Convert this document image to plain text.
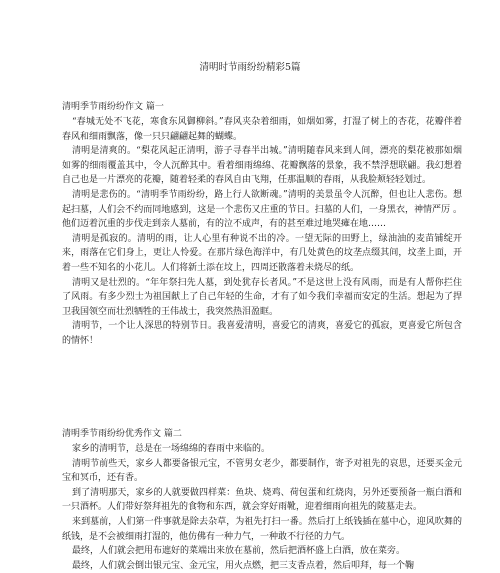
清明时节雨纷纷精彩5篇

清明季节雨纷纷作文 篇一

“春城无处不飞花，寒食东风御柳斜。”春风夹杂着细雨，如烟如雾，打湿了树上的杏花，花瓣伴着春风和细雨飘落，像一只只翩翩起舞的蝴蝶。

清明是清爽的。“梨花风起正清明，游子寻春半出城。”清明随春风来到人间，漂亮的梨花被那如烟如雾的细雨覆盖其中，令人沉醉其中。看着细雨绵绵、花瓣飘落的景象，我不禁浮想联翩。我幻想着自己也是一片漂亮的花瓣，随着轻柔的春风自由飞翔，任那温顺的春雨，从我脸颊轻轻划过。

清明是悲伤的。“清明季节雨纷纷，路上行人欲断魂。”清明的美景虽令人沉醉，但也让人悲伤。想起扫墓，人们会不约而同地感到，这是一个悲伤又庄重的节日。扫墓的人们，一身黑衣，神情严厉 。他们迈着沉重的步伐走到亲人墓前，有的泣不成声，有的甚至难过地哭瘫在地……

清明是孤寂的。清明的雨，让人心里有种说不出的冷。一望无际的田野上，绿油油的麦苗铺绽开来，雨落在它们身上，更让人怜爱。在那片绿色海洋中，有几处黄色的坟垄点缀其间，坟垄上面，开着一些不知名的小花儿。人们将新土添在坟上，四周还散落着未烧尽的纸。

清明又是壮烈的。“年年祭扫先人墓，到处犹存长者风。”不是这世上没有风雨，而是有人帮你拦住了风雨。有多少烈士为祖国献上了自己年轻的生命，才有了如今我们幸福而安定的生活。想起为了捍卫我国领空而壮烈牺牲的王伟战士，我突然热泪盈眶。

清明节，一个让人深思的特别节日。我喜爱清明，喜爱它的清爽，喜爱它的孤寂，更喜爱它所包含的情怀！

清明季节雨纷纷优秀作文 篇二

家乡的清明节，总是在一场绵绵的春雨中来临的。

清明节前些天，家乡人都要备银元宝，不管男女老少，都要制作，寄予对祖先的哀思，还要买金元宝和冥币，还有香。

到了清明那天，家乡的人就要做四样菜：鱼块、烧鸡、荷包蛋和红烧肉，另外还要预备一瓶白酒和一只酒杯。人们带好祭拜祖先的食物和东西，就会穿好雨靴，迎着细雨向祖先的陵墓走去。

来到墓前，人们第一件事就是除去杂草，为祖先打扫一番。然后打上纸钱插在墓中心，迎风吹舞的纸钱，是不会被细雨打湿的，他仿佛有一种力气，一种敢不行径的力气。

最终，人们就会把用布遮好的菜端出来放在墓前，然后把酒杯盛上白酒，放在菜旁。

最终，人们就会倒出银元宝、金元宝，用火点燃，把三支香点着，然后叩拜，每一个鞠
